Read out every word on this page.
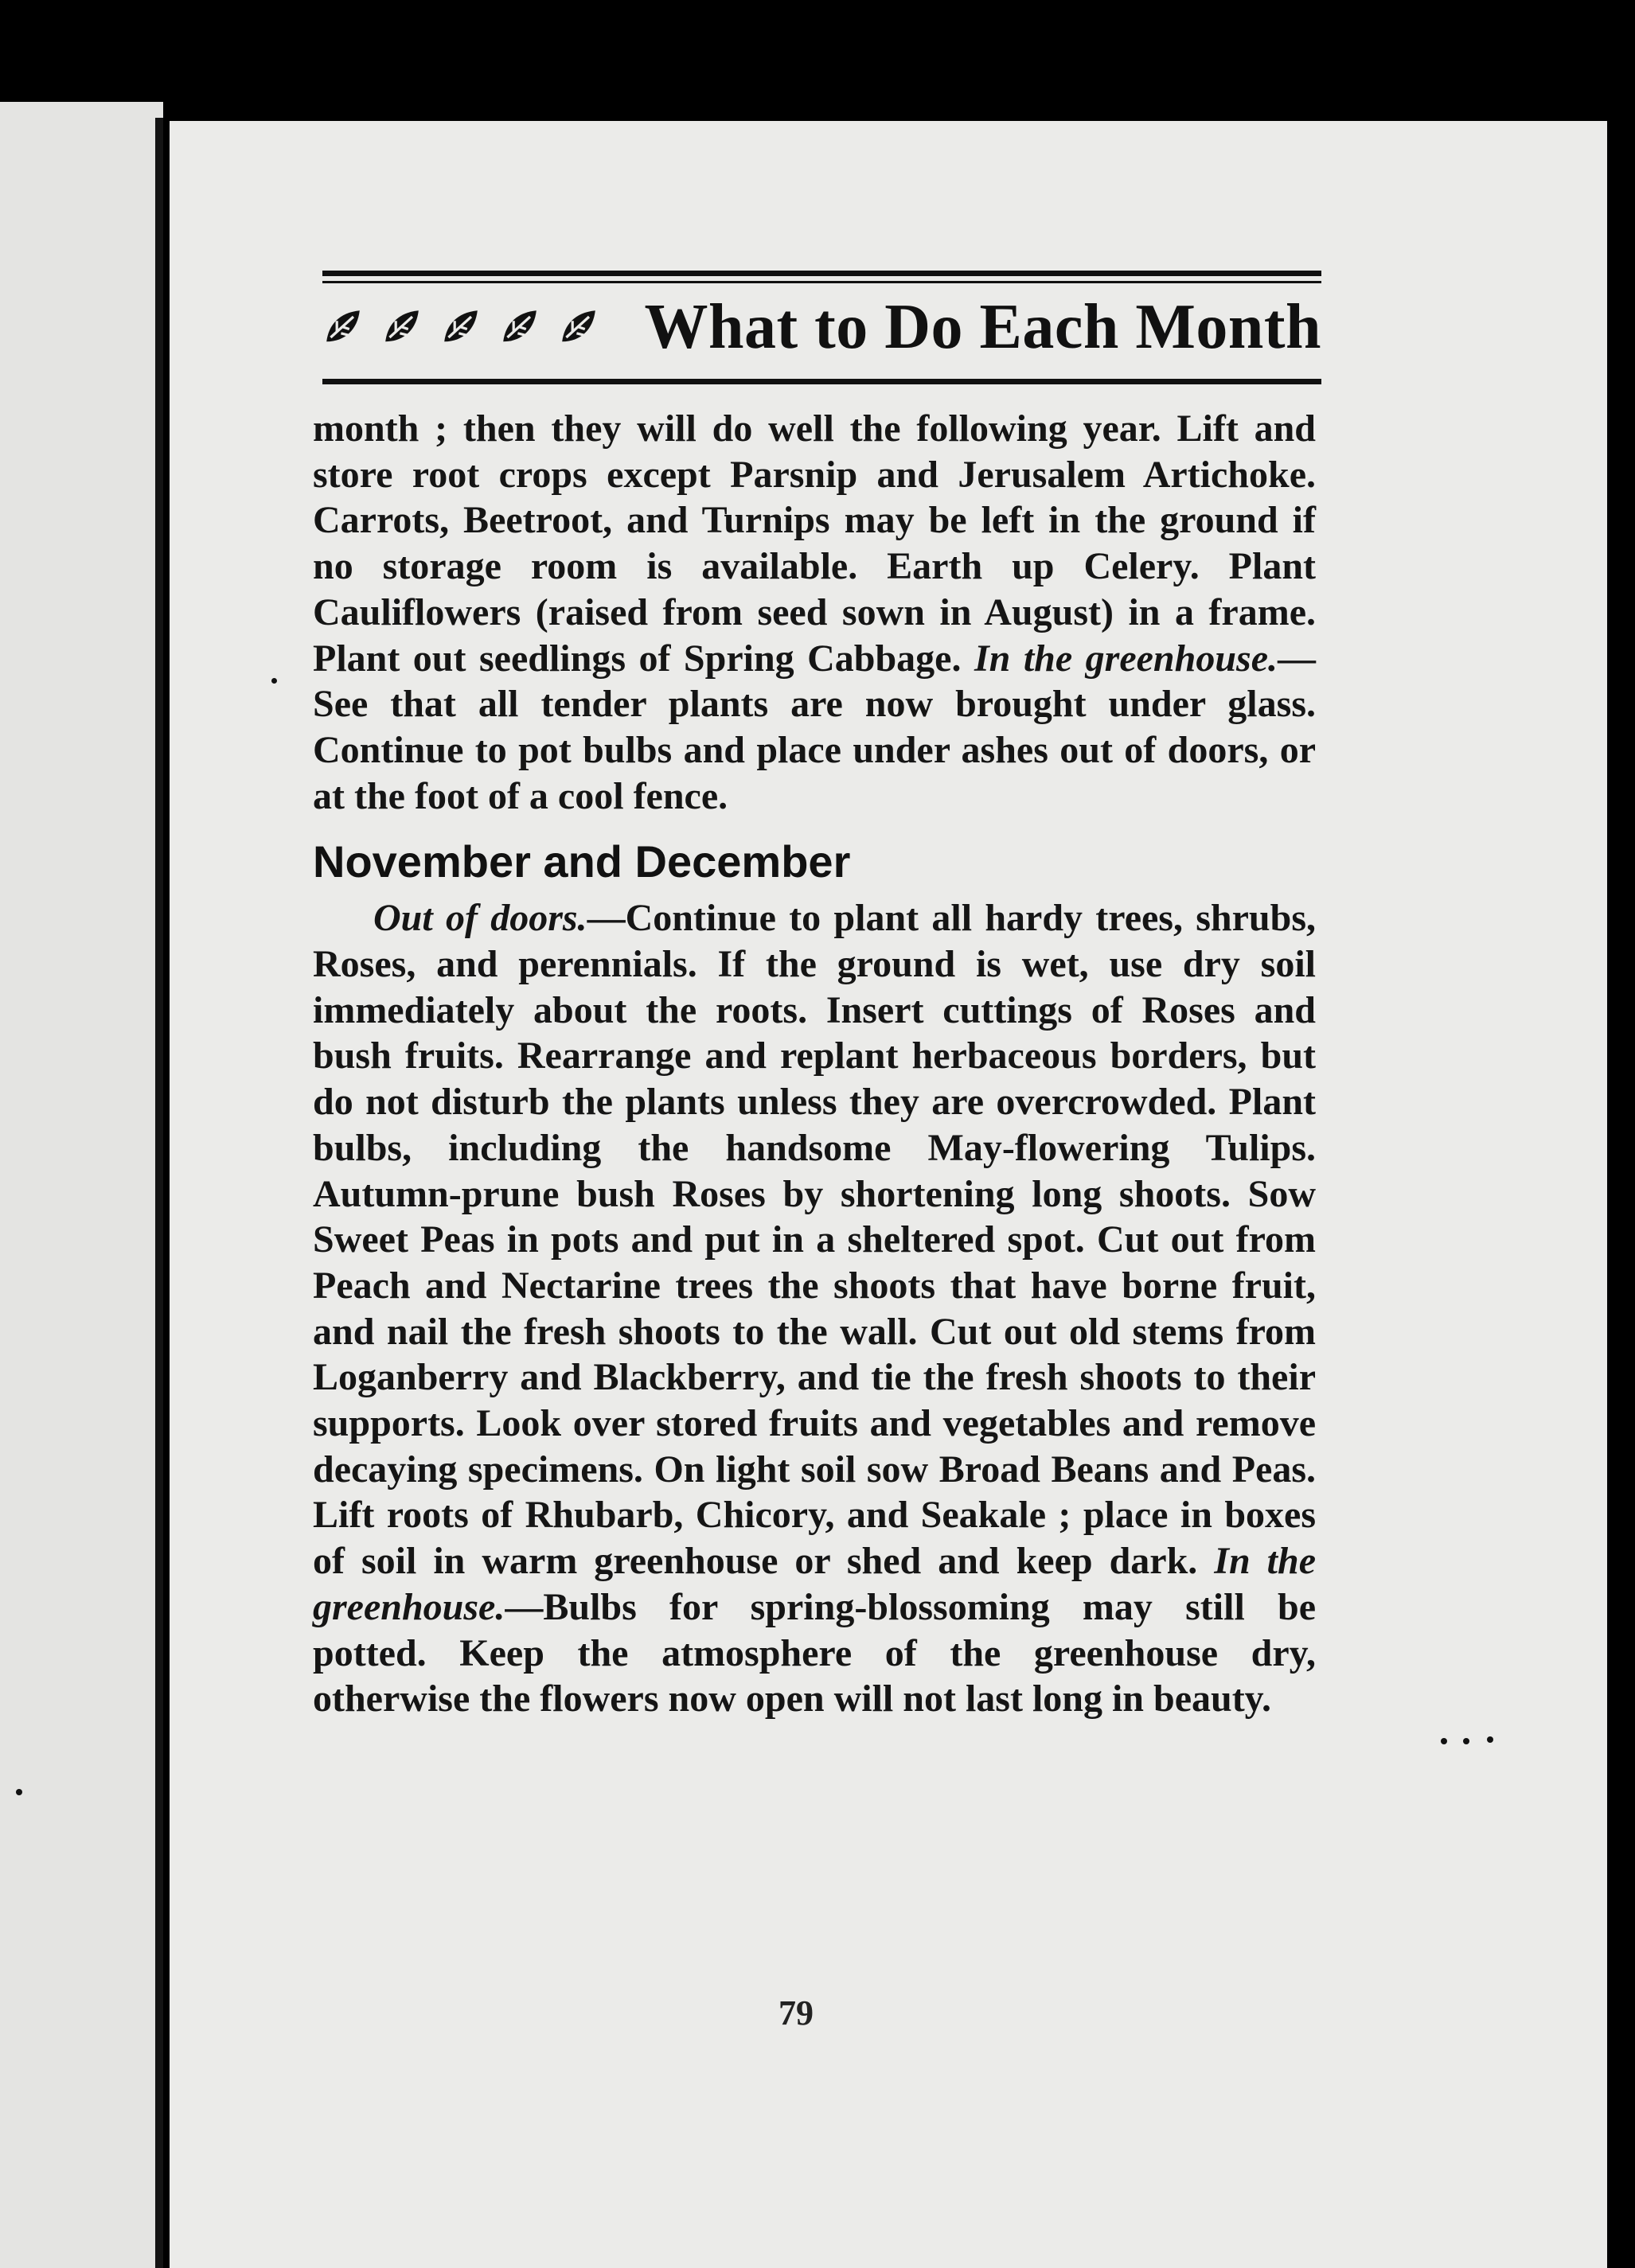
What to Do Each Month

month ; then they will do well the following year. Lift and store root crops except Parsnip and Jerusalem Artichoke. Carrots, Beetroot, and Turnips may be left in the ground if no storage room is available. Earth up Celery. Plant Cauliflowers (raised from seed sown in August) in a frame. Plant out seedlings of Spring Cabbage. In the greenhouse.—See that all tender plants are now brought under glass. Continue to pot bulbs and place under ashes out of doors, or at the foot of a cool fence.

November and December

Out of doors.—Continue to plant all hardy trees, shrubs, Roses, and perennials. If the ground is wet, use dry soil immediately about the roots. Insert cuttings of Roses and bush fruits. Rearrange and replant herbaceous borders, but do not disturb the plants unless they are overcrowded. Plant bulbs, including the handsome May-flowering Tulips. Autumn-prune bush Roses by shortening long shoots. Sow Sweet Peas in pots and put in a sheltered spot. Cut out from Peach and Nectarine trees the shoots that have borne fruit, and nail the fresh shoots to the wall. Cut out old stems from Loganberry and Blackberry, and tie the fresh shoots to their supports. Look over stored fruits and vegetables and remove decaying specimens. On light soil sow Broad Beans and Peas. Lift roots of Rhubarb, Chicory, and Seakale ; place in boxes of soil in warm greenhouse or shed and keep dark. In the greenhouse.—Bulbs for spring-blossoming may still be potted. Keep the atmosphere of the greenhouse dry, otherwise the flowers now open will not last long in beauty.

79
